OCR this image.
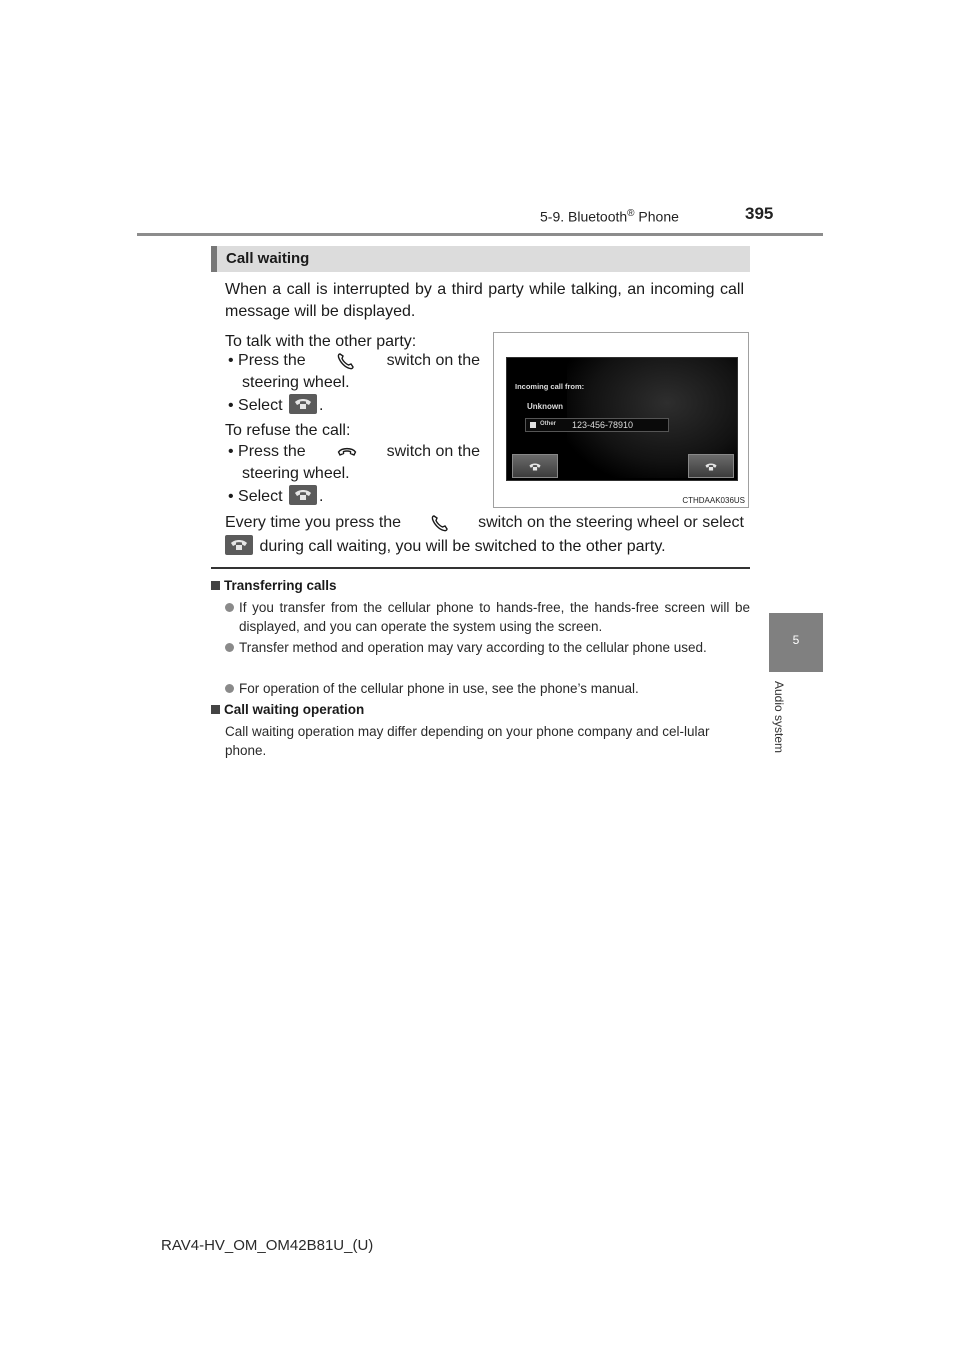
5-9. Bluetooth® Phone	395
5
Audio system
Call waiting
When a call is interrupted by a third party while talking, an incoming call message will be displayed.
To talk with the other party:
• Press the	switch on the
steering wheel.
• Select .
To refuse the call:
• Press the	switch on the
steering wheel.
• Select .
Every time you press the	switch on the steering wheel or select
during call waiting, you will be switched to the other party.
Incoming call from:
Unknown
Other 123-456-78910
CTHDAAK036US
Transferring calls
If you transfer from the cellular phone to hands-free, the hands-free screen will be displayed, and you can operate the system using the screen.
Transfer method and operation may vary according to the cellular phone used.
For operation of the cellular phone in use, see the phone’s manual.
Call waiting operation
Call waiting operation may differ depending on your phone company and cel-lular phone.
RAV4-HV_OM_OM42B81U_(U)
